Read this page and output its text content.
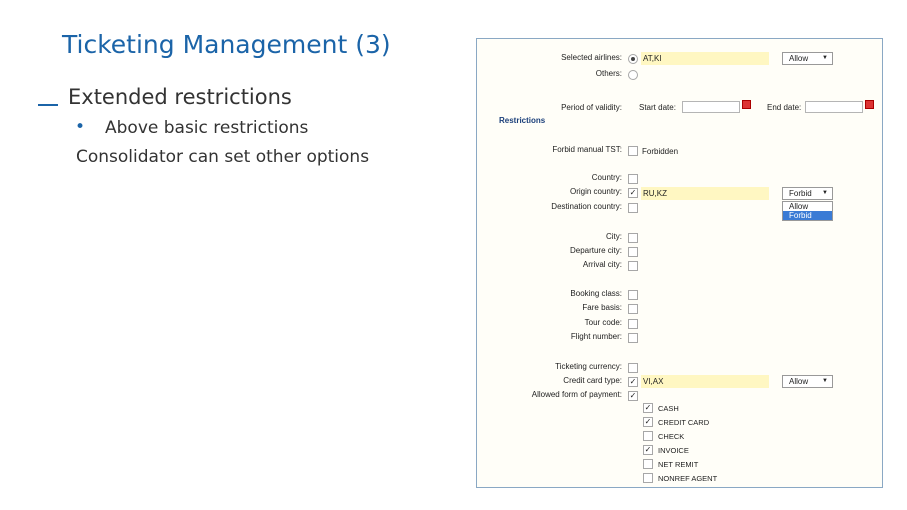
Ticketing Management (3)
Extended restrictions
• Above basic restrictions
Consolidator can set other options
Selected airlines:	AT,KI	Allow ▼
Others:
Period of validity: Start date:	End date:
Restrictions
Forbid manual TST:	Forbidden
Country:
Origin country: ✓ RU,KZ	Forbid ▼
Allow
Forbid
Destination country:
City:
Departure city:
Arrival city:
Booking class:
Fare basis:
Tour code:
Flight number:
Ticketing currency:
Credit card type: ✓ VI,AX	Allow ▼
Allowed form of payment: ✓
✓ CASH
✓ CREDIT CARD
CHECK
✓ INVOICE
NET REMIT
NONREF AGENT
